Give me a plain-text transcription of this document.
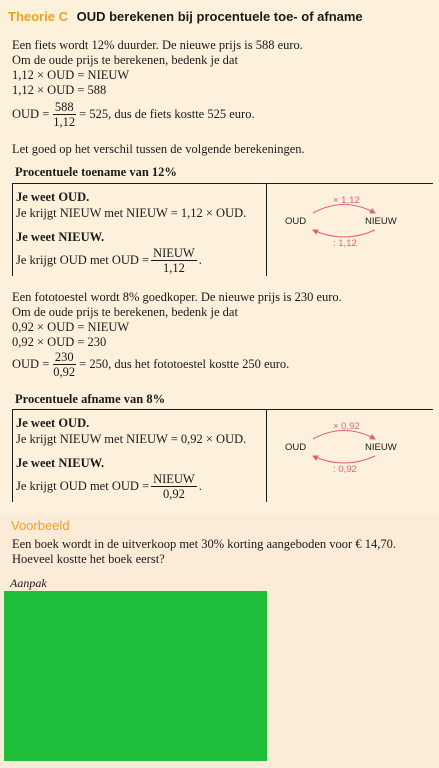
Theorie C OUD berekenen bij procentuele toe- of afname
Een fiets wordt 12% duurder. De nieuwe prijs is 588 euro.
Om de oude prijs te berekenen, bedenk je dat
1,12 × OUD = NIEUW
1,12 × OUD = 588
OUD = $\frac{588}{1,12} = 525$, dus de fiets kostte 525 euro.
Let goed op het verschil tussen de volgende berekeningen.
Procentuele toename van 12%
Je weet OUD.
Je krijgt NIEUW met NIEUW = 1,12 × OUD.
Je weet NIEUW.
Je krijgt OUD met OUD = $\frac{\text{NIEUW}}{1,12}$ .
× 1,12
OUD	NIEUW
: 1,12
Een fototoestel wordt 8% goedkoper. De nieuwe prijs is 230 euro.
Om de oude prijs te berekenen, bedenk je dat
0,92 × OUD = NIEUW
0,92 × OUD = 230
OUD = $\frac{230}{0,92} = 250$, dus het fototoestel kostte 250 euro.
Procentuele afname van 8%
Je weet OUD.
Je krijgt NIEUW met NIEUW = 0,92 × OUD.
Je weet NIEUW.
Je krijgt OUD met OUD = $\frac{\text{NIEUW}}{0,92}$ .
× 0,92
OUD	NIEUW
: 0,92
Voorbeeld
Een boek wordt in de uitverkoop met 30% korting aangeboden voor € 14,70.
Hoeveel kostte het boek eerst?
Aanpak
